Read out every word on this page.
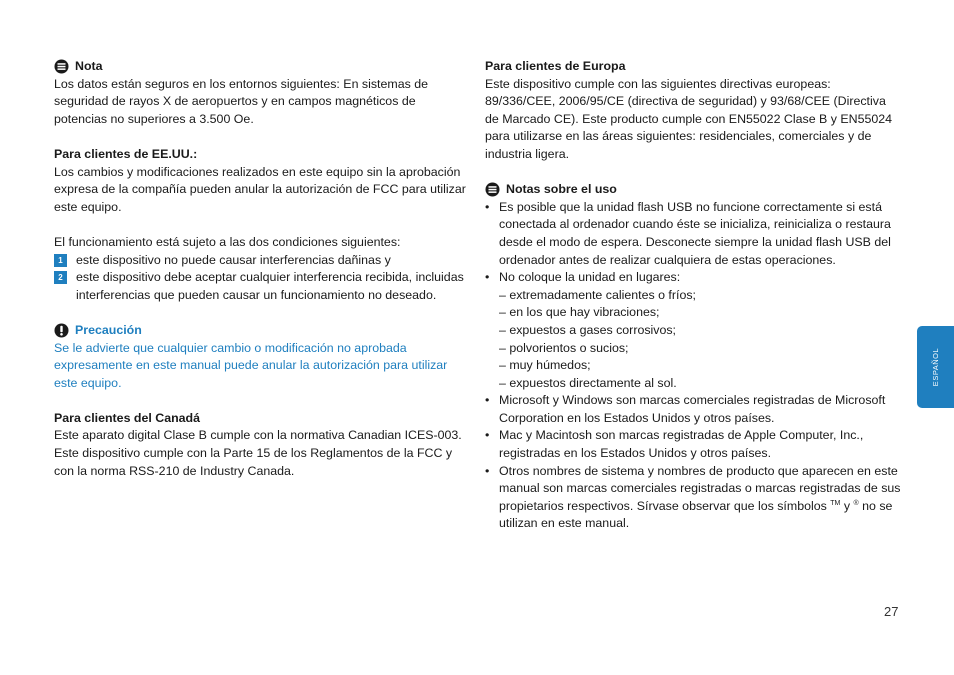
Nota

Los datos están seguros en los entornos siguientes: En sistemas de seguridad de rayos X de aeropuertos y en campos magnéticos de potencias no superiores a 3.500 Oe.

Para clientes de EE.UU.:

Los cambios y modificaciones realizados en este equipo sin la aprobación expresa de la compañía pueden anular la autorización de FCC para utilizar este equipo.

El funcionamiento está sujeto a las dos condiciones siguientes:

1	este dispositivo no puede causar interferencias dañinas y
2	este dispositivo debe aceptar cualquier interferencia recibida, incluidas interferencias que pueden causar un funcionamiento no deseado.
Precaución

Se le advierte que cualquier cambio o modificación no aprobada expresamente en este manual puede anular la autorización para utilizar este equipo.

Para clientes del Canadá

Este aparato digital Clase B cumple con la normativa Canadian ICES-003. Este dispositivo cumple con la Parte 15 de los Reglamentos de la FCC y con la norma RSS-210 de Industry Canada.

Para clientes de Europa

Este dispositivo cumple con las siguientes directivas europeas: 89/336/CEE, 2006/95/CE (directiva de seguridad) y 93/68/CEE (Directiva de Marcado CE). Este producto cumple con EN55022 Clase B y EN55024 para utilizarse en las áreas siguientes: residenciales, comerciales y de industria ligera.

Notas sobre el uso
• Es posible que la unidad flash USB no funcione correctamente si está conectada al ordenador cuando éste se inicializa, reinicializa o restaura desde el modo de espera. Desconecte siempre la unidad flash USB del ordenador antes de realizar cualquiera de estas operaciones.
• No coloque la unidad en lugares:
– extremadamente calientes o fríos;
– en los que hay vibraciones;
– expuestos a gases corrosivos;
– polvorientos o sucios;
– muy húmedos;
– expuestos directamente al sol.
• Microsoft y Windows son marcas comerciales registradas de Microsoft Corporation en los Estados Unidos y otros países.
• Mac y Macintosh son marcas registradas de Apple Computer, Inc., registradas en los Estados Unidos y otros países.
• Otros nombres de sistema y nombres de producto que aparecen en este manual son marcas comerciales registradas o marcas registradas de sus propietarios respectivos. Sírvase observar que los símbolos ™ y ® no se utilizan en este manual.
ESPAÑOL
27
